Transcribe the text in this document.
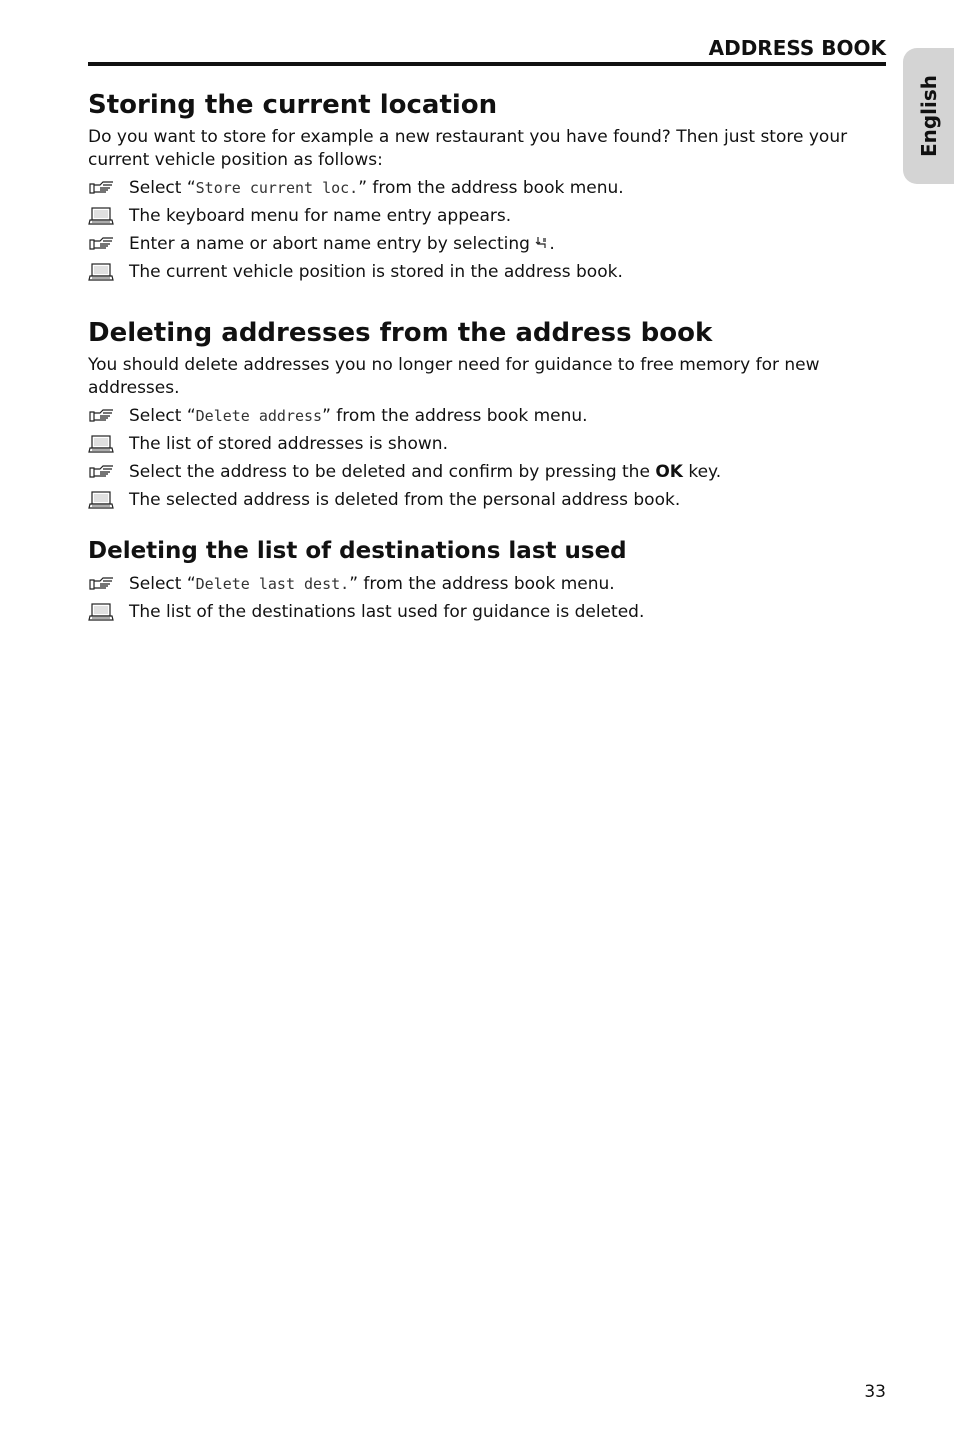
ADDRESS BOOK
English
Storing the current location

Do you want to store for example a new restaurant you have found? Then just store your current vehicle position as follows:

Select “Store current loc.” from the address book menu.
The keyboard menu for name entry appears.
Enter a name or abort name entry by selecting .
The current vehicle position is stored in the address book.
Deleting addresses from the address book

You should delete addresses you no longer need for guidance to free memory for new addresses.

Select “Delete address” from the address book menu.
The list of stored addresses is shown.
Select the address to be deleted and confirm by pressing the OK key.
The selected address is deleted from the personal address book.
Deleting the list of destinations last used
Select “Delete last dest.” from the address book menu.
The list of the destinations last used for guidance is deleted.
33
